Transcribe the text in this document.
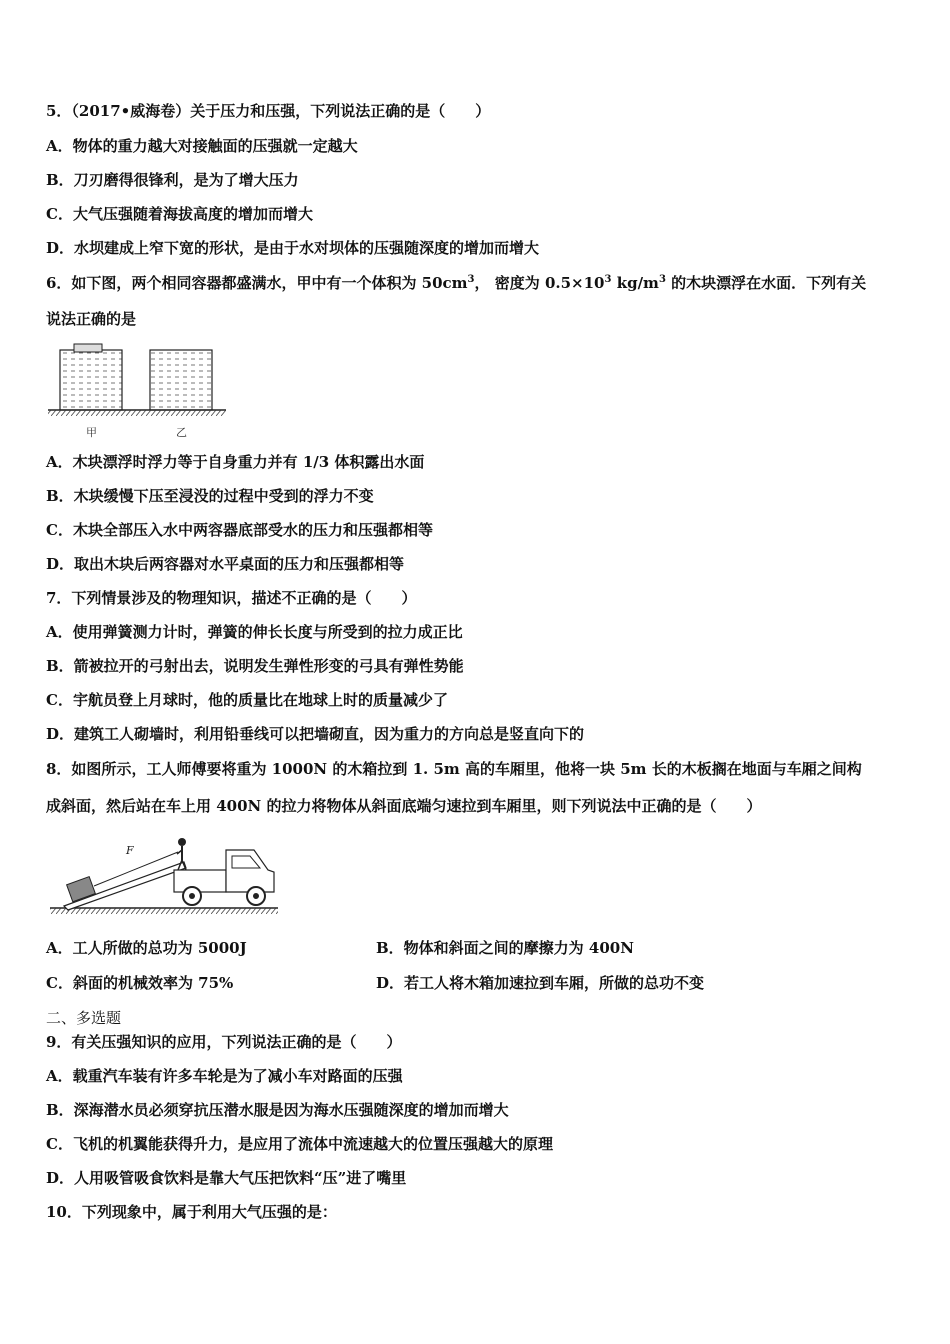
5．（2017•威海卷）关于压力和压强，下列说法正确的是（　　）
A．物体的重力越大对接触面的压强就一定越大
B．刀刃磨得很锋利，是为了增大压力
C．大气压强随着海拔高度的增加而增大
D．水坝建成上窄下宽的形状，是由于水对坝体的压强随深度的增加而增大
6．如下图，两个相同容器都盛满水，甲中有一个体积为 $50cm^3$， 密度为 $0.5\times 10^3$ $kg/m^3$ 的木块漂浮在水面．下列有关
说法正确的是
甲	乙
A．木块漂浮时浮力等于自身重力并有 1/3 体积露出水面
B．木块缓慢下压至浸没的过程中受到的浮力不变
C．木块全部压入水中两容器底部受水的压力和压强都相等
D．取出木块后两容器对水平桌面的压力和压强都相等
7．下列情景涉及的物理知识，描述不正确的是（　　）
A．使用弹簧测力计时，弹簧的伸长长度与所受到的拉力成正比
B．箭被拉开的弓射出去，说明发生弹性形变的弓具有弹性势能
C．宇航员登上月球时，他的质量比在地球上时的质量减少了
D．建筑工人砌墙时，利用铅垂线可以把墙砌直，因为重力的方向总是竖直向下的
8．如图所示，工人师傅要将重为 1000N 的木箱拉到 1. 5m 高的车厢里，他将一块 5m 长的木板搁在地面与车厢之间构
成斜面，然后站在车上用 400N 的拉力将物体从斜面底端匀速拉到车厢里，则下列说法中正确的是（　　）
F
A．工人所做的总功为 5000J	B．物体和斜面之间的摩擦力为 400N
C．斜面的机械效率为 75%	D．若工人将木箱加速拉到车厢，所做的总功不变
二、多选题
9．有关压强知识的应用，下列说法正确的是（　　）
A．载重汽车装有许多车轮是为了减小车对路面的压强
B．深海潜水员必须穿抗压潜水服是因为海水压强随深度的增加而增大
C．飞机的机翼能获得升力，是应用了流体中流速越大的位置压强越大的原理
D．人用吸管吸食饮料是靠大气压把饮料“压”进了嘴里
10．下列现象中，属于利用大气压强的是：
